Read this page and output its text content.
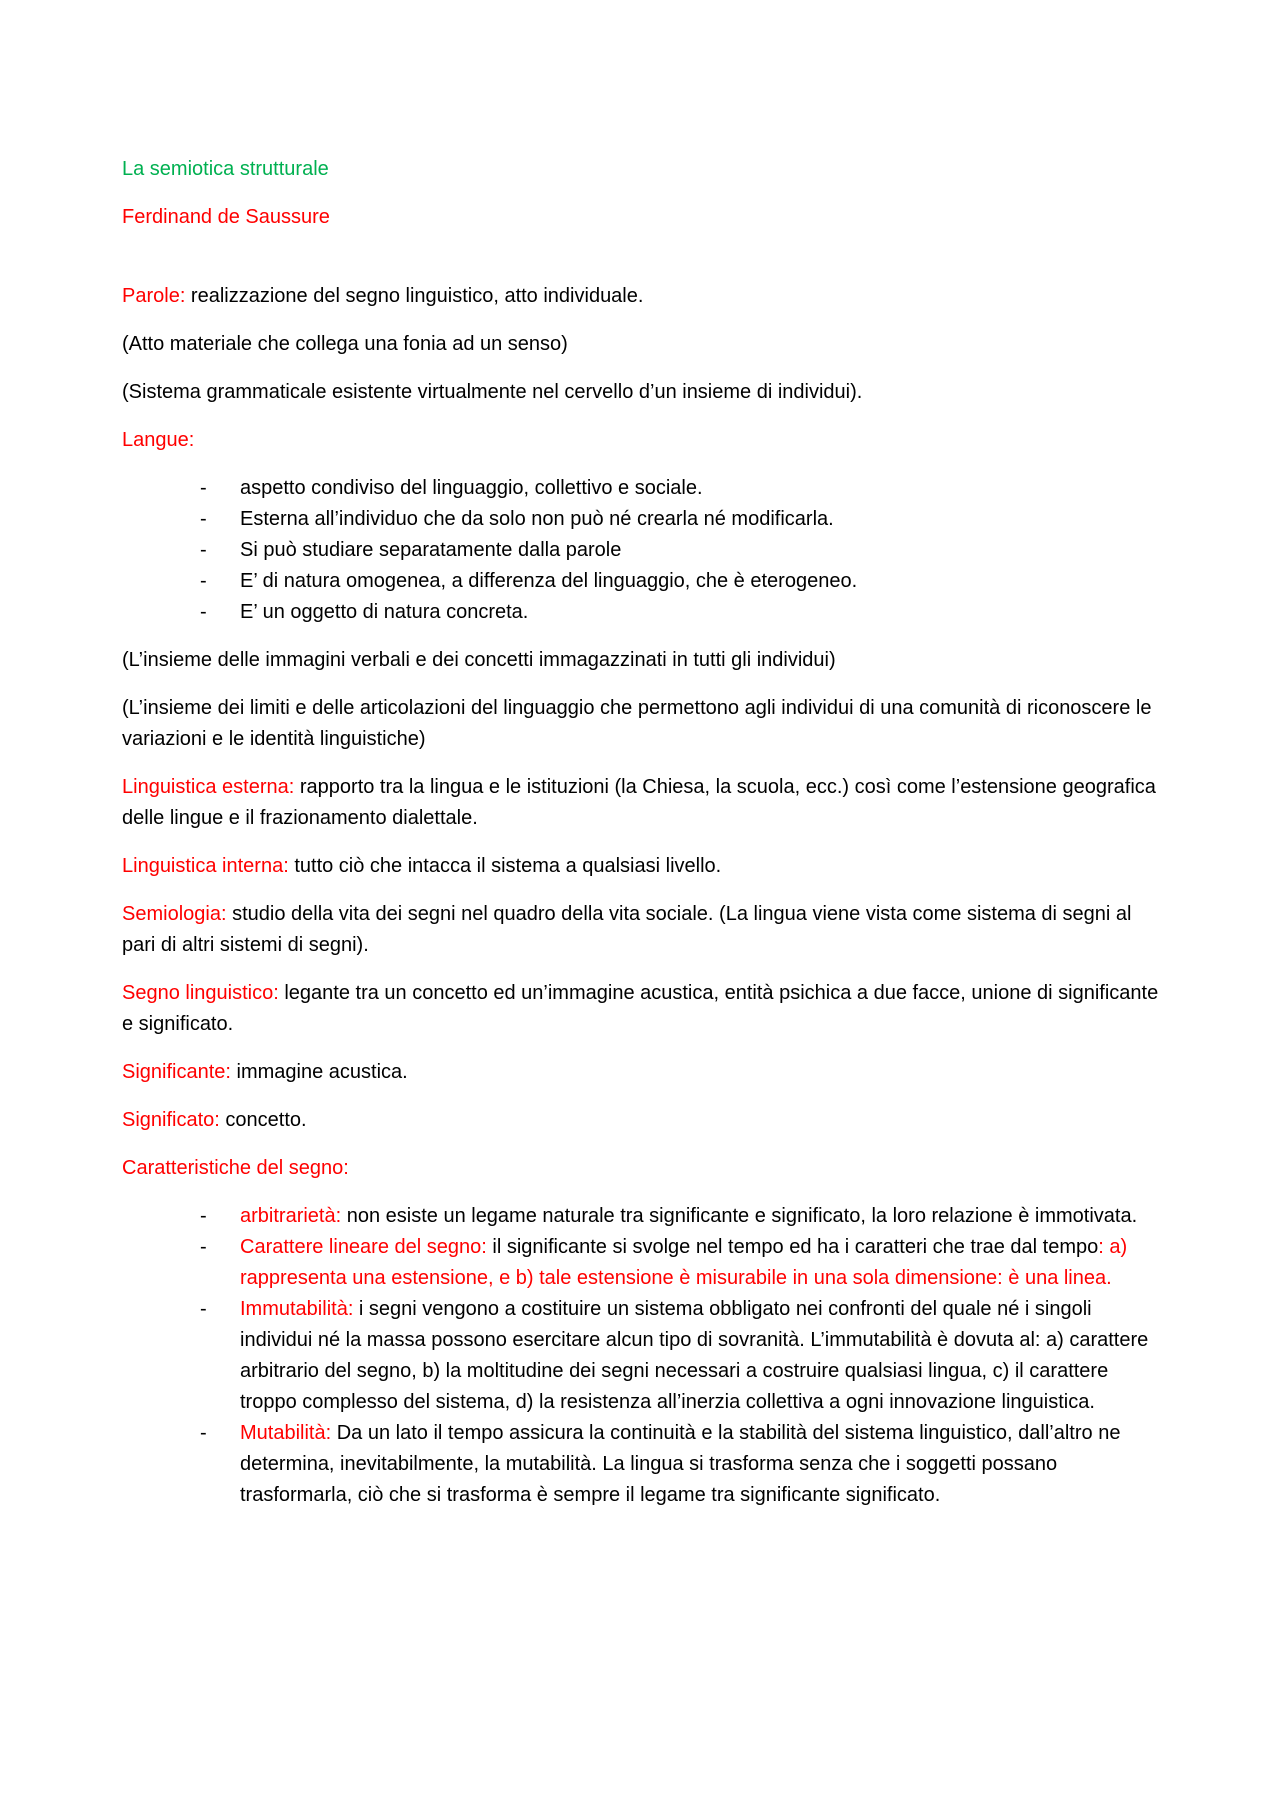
La semiotica strutturale

Ferdinand de Saussure

Parole: realizzazione del segno linguistico, atto individuale.

(Atto materiale che collega una fonia ad un senso)

(Sistema grammaticale esistente virtualmente nel cervello d’un insieme di individui).

Langue:

- aspetto condiviso del linguaggio, collettivo e sociale.
- Esterna all’individuo che da solo non può né crearla né modificarla.
- Si può studiare separatamente dalla parole
- E’ di natura omogenea, a differenza del linguaggio, che è eterogeneo.
- E’ un oggetto di natura concreta.

(L’insieme delle immagini verbali e dei concetti immagazzinati in tutti gli individui)

(L’insieme dei limiti e delle articolazioni del linguaggio che permettono agli individui di una comunità di riconoscere le variazioni e le identità linguistiche)

Linguistica esterna: rapporto tra la lingua e le istituzioni (la Chiesa, la scuola, ecc.) così come l’estensione geografica delle lingue e il frazionamento dialettale.

Linguistica interna: tutto ciò che intacca il sistema a qualsiasi livello.

Semiologia: studio della vita dei segni nel quadro della vita sociale. (La lingua viene vista come sistema di segni al pari di altri sistemi di segni).

Segno linguistico: legante tra un concetto ed un’immagine acustica, entità psichica a due facce, unione di significante e significato.

Significante: immagine acustica.

Significato: concetto.

Caratteristiche del segno:

- arbitrarietà: non esiste un legame naturale tra significante e significato, la loro relazione è immotivata.
- Carattere lineare del segno: il significante si svolge nel tempo ed ha i caratteri che trae dal tempo: a) rappresenta una estensione, e b) tale estensione è misurabile in una sola dimensione: è una linea.
- Immutabilità: i segni vengono a costituire un sistema obbligato nei confronti del quale né i singoli individui né la massa possono esercitare alcun tipo di sovranità. L’immutabilità è dovuta al: a) carattere arbitrario del segno, b) la moltitudine dei segni necessari a costruire qualsiasi lingua, c) il carattere troppo complesso del sistema, d) la resistenza all’inerzia collettiva a ogni innovazione linguistica.
- Mutabilità: Da un lato il tempo assicura la continuità e la stabilità del sistema linguistico, dall’altro ne determina, inevitabilmente, la mutabilità. La lingua si trasforma senza che i soggetti possano trasformarla, ciò che si trasforma è sempre il legame tra significante significato.
